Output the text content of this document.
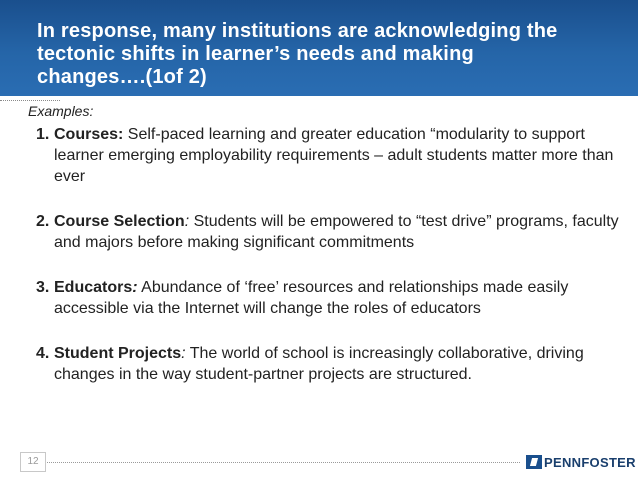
In response, many institutions are acknowledging the
tectonic shifts in learner’s needs and making
changes….(1of 2)

Examples:

1. Courses: Self-paced learning and greater education “modularity to support learner emerging employability requirements – adult students matter more than ever
2. Course Selection: Students will be empowered to “test drive” programs, faculty and majors before making significant commitments
3. Educators: Abundance of ‘free’ resources and relationships made easily accessible via the Internet will change the roles of educators
4. Student Projects: The world of school is increasingly collaborative, driving changes in the way student-partner projects are structured.
12	PENNFOSTER
